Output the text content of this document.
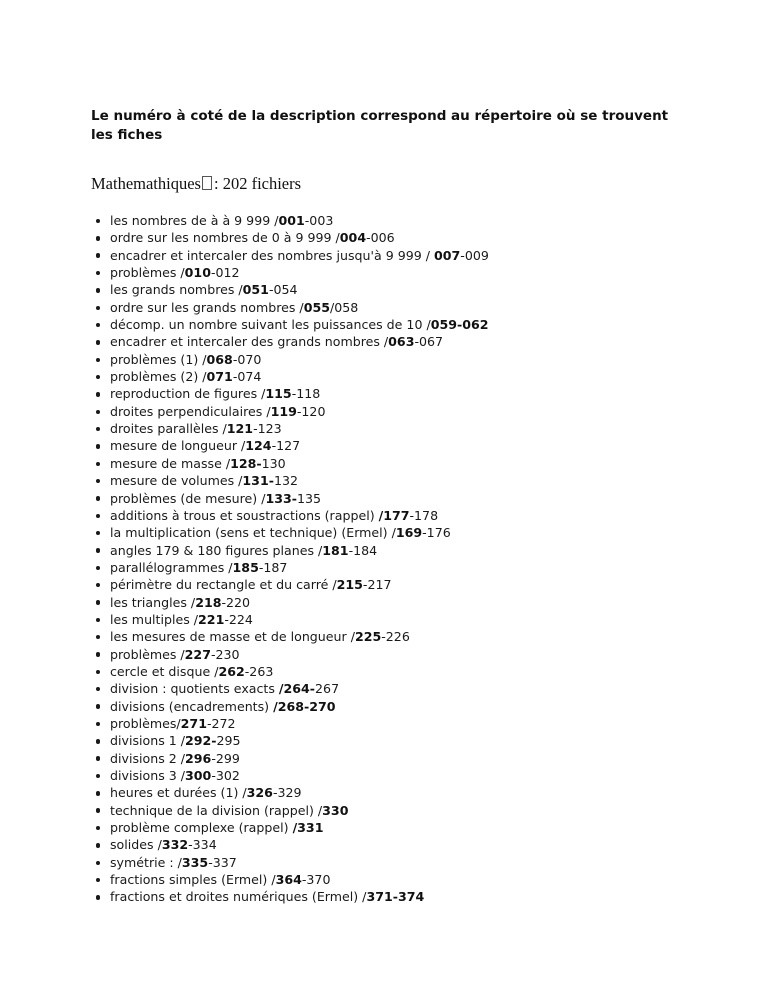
Le numéro à coté de la description correspond au répertoire où se trouvent les fiches

Mathemathiques : 202 fichiers

les nombres de à à 9 999 /001-003
ordre sur les nombres de 0 à 9 999 /004-006
encadrer et intercaler des nombres jusqu'à 9 999 / 007-009
problèmes /010-012
les grands nombres /051-054
ordre sur les grands nombres /055/058
décomp. un nombre suivant les puissances de 10 /059-062
encadrer et intercaler des grands nombres /063-067
problèmes (1) /068-070
problèmes (2) /071-074
reproduction de figures /115-118
droites perpendiculaires /119-120
droites parallèles /121-123
mesure de longueur /124-127
mesure de masse /128-130
mesure de volumes /131-132
problèmes (de mesure) /133-135
additions à trous et soustractions (rappel) /177-178
la multiplication (sens et technique) (Ermel) /169-176
angles 179 & 180 figures planes /181-184
parallélogrammes /185-187
périmètre du rectangle et du carré /215-217
les triangles /218-220
les multiples /221-224
les mesures de masse et de longueur /225-226
problèmes /227-230
cercle et disque /262-263
division : quotients exacts /264-267
divisions (encadrements) /268-270
problèmes/271-272
divisions 1 /292-295
divisions 2 /296-299
divisions 3 /300-302
heures et durées (1) /326-329
technique de la division (rappel) /330
problème complexe (rappel) /331
solides /332-334
symétrie : /335-337
fractions simples (Ermel) /364-370
fractions et droites numériques (Ermel) /371-374
